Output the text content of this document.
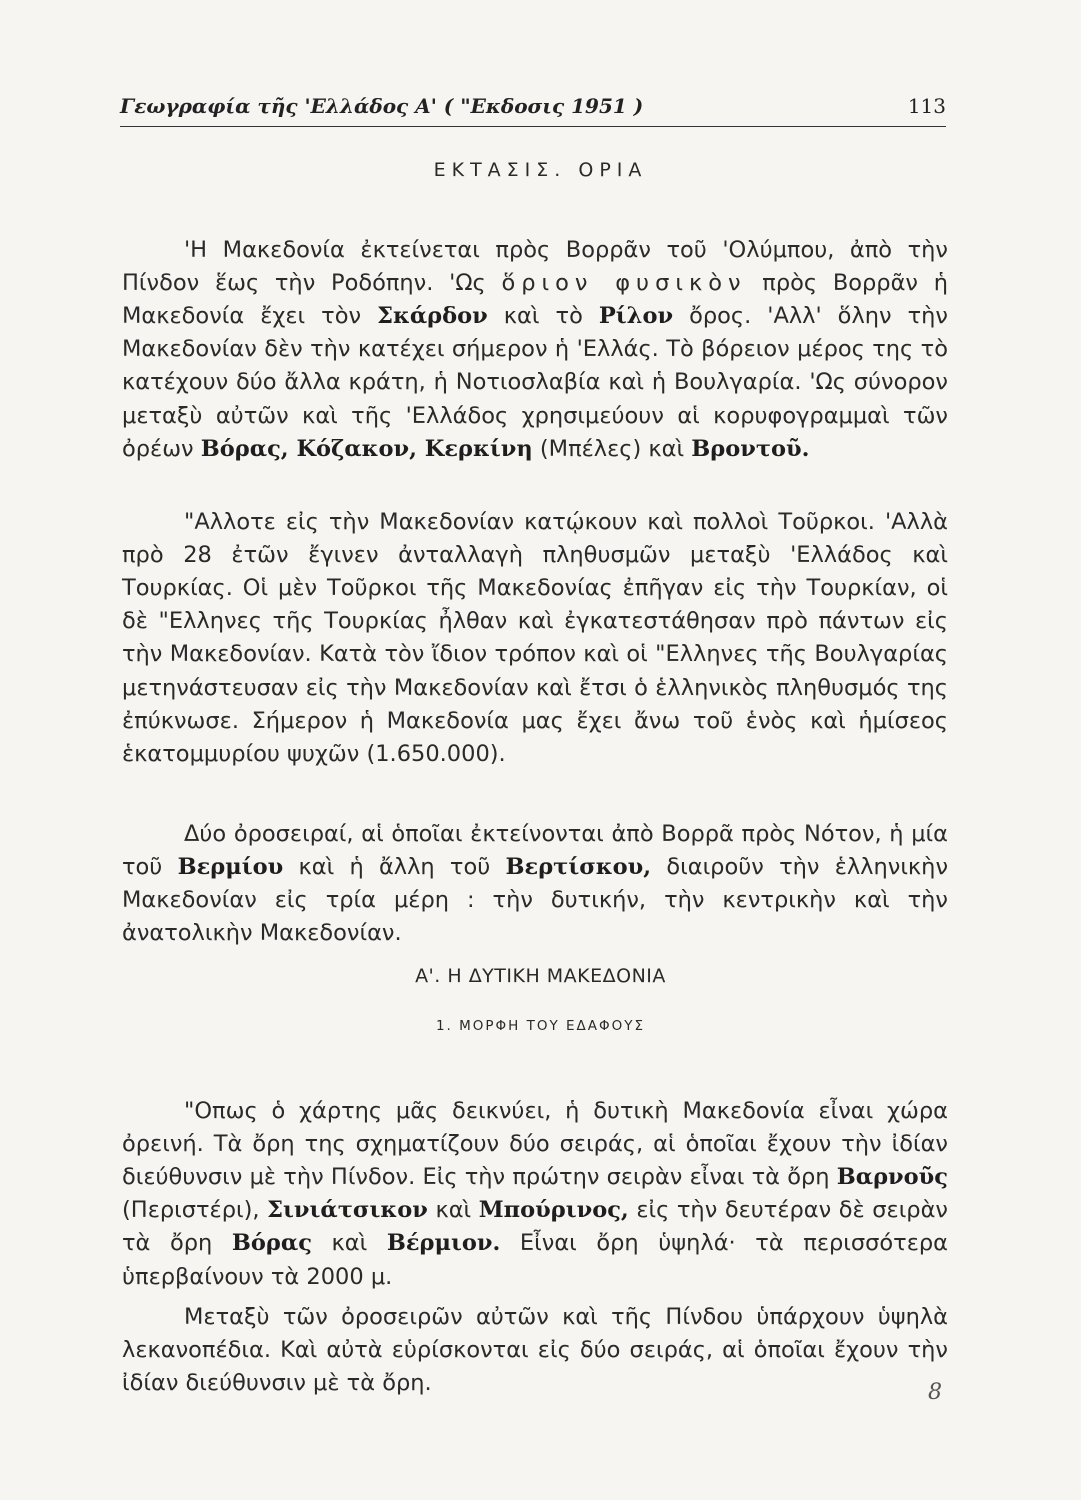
Γεωγραφία τῆς 'Ελλάδος Α' ( "Εκδοσις 1951 )	113
ΕΚΤΑΣΙΣ. ΟΡΙΑ

'Η Μακεδονία ἐκτείνεται πρὸς Βορρᾶν τοῦ 'Ολύμπου, ἀπὸ τὴν Πίνδον ἕως τὴν Ροδόπην. 'Ως ὅριον φυσικὸν πρὸς Βορρᾶν ἡ Μακεδονία ἔχει τὸν Σκάρδον καὶ τὸ Ρίλον ὄρος. 'Αλλ' ὅλην τὴν Μακεδονίαν δὲν τὴν κατέχει σήμερον ἡ 'Ελλάς. Τὸ βόρειον μέρος της τὸ κατέχουν δύο ἄλλα κράτη, ἡ Νοτιοσλαβία καὶ ἡ Βουλγαρία. 'Ως σύνορον μεταξὺ αὐτῶν καὶ τῆς 'Ελλάδος χρησιμεύουν αἱ κορυφογραμμαὶ τῶν ὀρέων Βόρας, Κόζακον, Κερκίνη (Μπέλες) καὶ Βροντοῦ.

"Αλλοτε εἰς τὴν Μακεδονίαν κατῴκουν καὶ πολλοὶ Τοῦρκοι. 'Αλλὰ πρὸ 28 ἐτῶν ἔγινεν ἀνταλλαγὴ πληθυσμῶν μεταξὺ 'Ελλάδος καὶ Τουρκίας. Οἱ μὲν Τοῦρκοι τῆς Μακεδονίας ἐπῆγαν εἰς τὴν Τουρκίαν, οἱ δὲ "Ελληνες τῆς Τουρκίας ἦλθαν καὶ ἐγκατεστάθησαν πρὸ πάντων εἰς τὴν Μακεδονίαν. Κατὰ τὸν ἴδιον τρόπον καὶ οἱ "Ελληνες τῆς Βουλγαρίας μετηνάστευσαν εἰς τὴν Μακεδονίαν καὶ ἔτσι ὁ ἑλληνικὸς πληθυσμός της ἐπύκνωσε. Σήμερον ἡ Μακεδονία μας ἔχει ἄνω τοῦ ἑνὸς καὶ ἡμίσεος ἑκατομμυρίου ψυχῶν (1.650.000).

Δύο ὀροσειραί, αἱ ὁποῖαι ἐκτείνονται ἀπὸ Βορρᾶ πρὸς Νότον, ἡ μία τοῦ Βερμίου καὶ ἡ ἄλλη τοῦ Βερτίσκου, διαιροῦν τὴν ἑλληνικὴν Μακεδονίαν εἰς τρία μέρη : τὴν δυτικήν, τὴν κεντρικὴν καὶ τὴν ἀνατολικὴν Μακεδονίαν.

Α'. Η ΔΥΤΙΚΗ ΜΑΚΕΔΟΝΙΑ
1. ΜΟΡΦΗ ΤΟΥ ΕΔΑΦΟΥΣ

"Οπως ὁ χάρτης μᾶς δεικνύει, ἡ δυτικὴ Μακεδονία εἶναι χώρα ὀρεινή. Τὰ ὄρη της σχηματίζουν δύο σειράς, αἱ ὁποῖαι ἔχουν τὴν ἰδίαν διεύθυνσιν μὲ τὴν Πίνδον. Εἰς τὴν πρώτην σειρὰν εἶναι τὰ ὄρη Βαρνοῦς (Περιστέρι), Σινιάτσικον καὶ Μπούρινος, εἰς τὴν δευτέραν δὲ σειρὰν τὰ ὄρη Βόρας καὶ Βέρμιον. Εἶναι ὄρη ὑψηλά· τὰ περισσότερα ὑπερβαίνουν τὰ 2000 μ.

Μεταξὺ τῶν ὀροσειρῶν αὐτῶν καὶ τῆς Πίνδου ὑπάρχουν ὑψηλὰ λεκανοπέδια. Καὶ αὐτὰ εὑρίσκονται εἰς δύο σειράς, αἱ ὁποῖαι ἔχουν τὴν ἰδίαν διεύθυνσιν μὲ τὰ ὄρη.	8
